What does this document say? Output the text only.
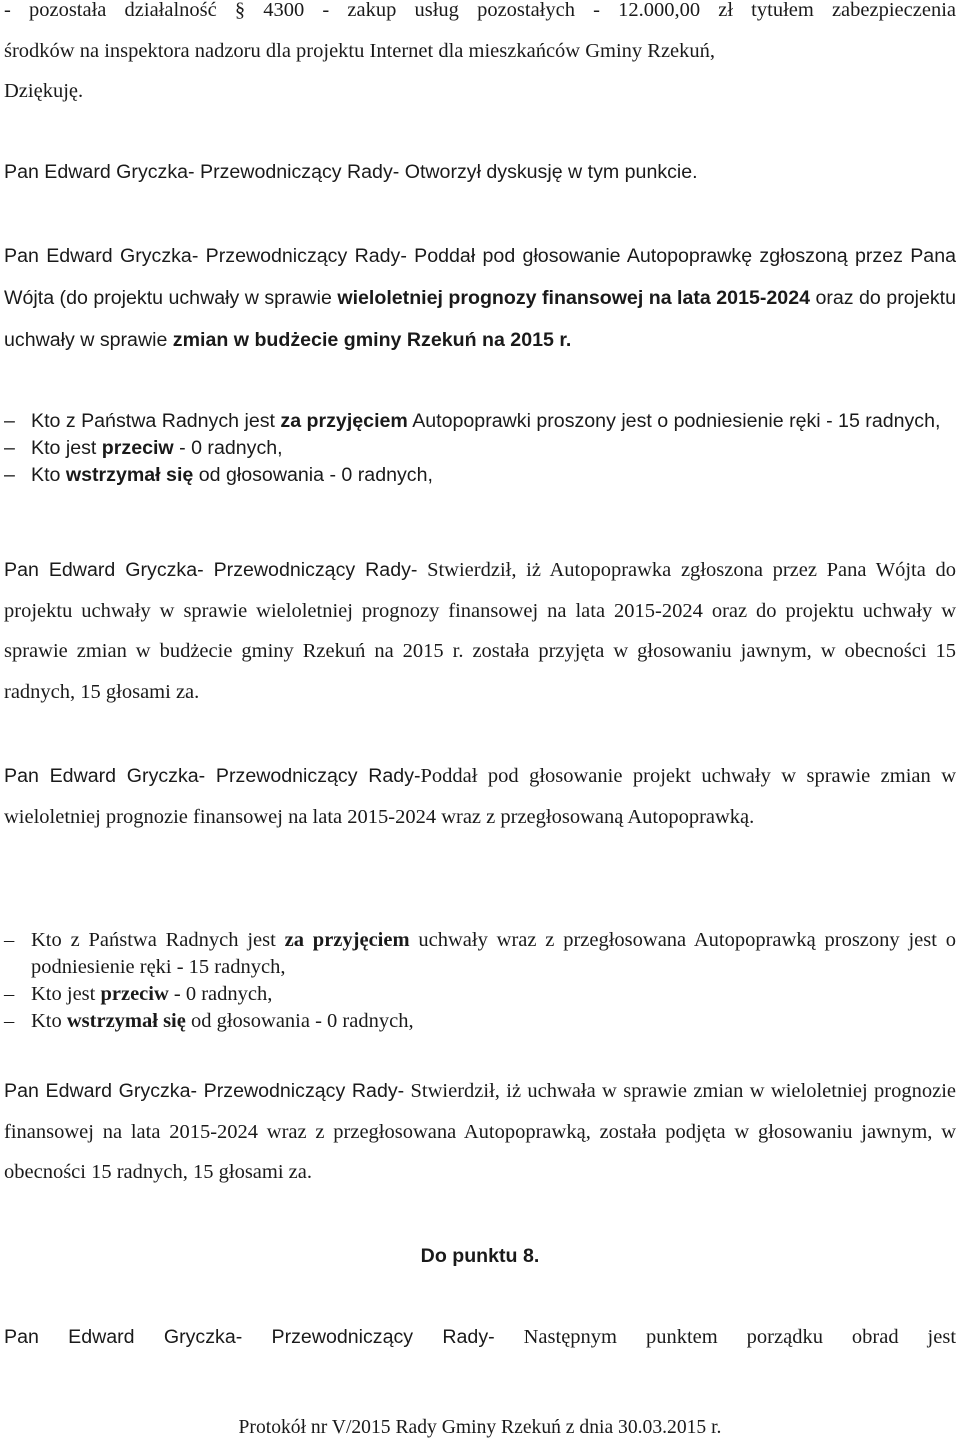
- pozostała działalność § 4300 - zakup usług pozostałych - 12.000,00 zł tytułem zabezpieczenia
środków na inspektora nadzoru dla projektu Internet dla mieszkańców Gminy Rzekuń,
Dziękuję.

Pan Edward Gryczka- Przewodniczący Rady- Otworzył dyskusję w tym punkcie.

Pan Edward Gryczka- Przewodniczący Rady- Poddał pod głosowanie Autopoprawkę zgłoszoną przez Pana Wójta (do projektu uchwały w sprawie wieloletniej prognozy finansowej na lata 2015-2024 oraz do projektu uchwały w sprawie zmian w budżecie gminy Rzekuń na 2015 r.

– Kto z Państwa Radnych jest za przyjęciem Autopoprawki proszony jest o podniesienie ręki - 15 radnych,
– Kto jest przeciw - 0 radnych,
– Kto wstrzymał się od głosowania - 0 radnych,

Pan Edward Gryczka- Przewodniczący Rady- Stwierdził, iż Autopoprawka zgłoszona przez Pana Wójta do projektu uchwały w sprawie wieloletniej prognozy finansowej na lata 2015-2024 oraz do projektu uchwały w sprawie zmian w budżecie gminy Rzekuń na 2015 r. została przyjęta w głosowaniu jawnym, w obecności 15 radnych, 15 głosami za.

Pan Edward Gryczka- Przewodniczący Rady-Poddał pod głosowanie projekt uchwały w sprawie zmian w wieloletniej prognozie finansowej na lata 2015-2024 wraz z przegłosowaną Autopoprawką.

– Kto z Państwa Radnych jest za przyjęciem uchwały wraz z przegłosowana Autopoprawką proszony jest o podniesienie ręki - 15 radnych,
– Kto jest przeciw - 0 radnych,
– Kto wstrzymał się od głosowania - 0 radnych,

Pan Edward Gryczka- Przewodniczący Rady- Stwierdził, iż uchwała w sprawie zmian w wieloletniej prognozie finansowej na lata 2015-2024 wraz z przegłosowana Autopoprawką, została podjęta w głosowaniu jawnym, w obecności 15 radnych, 15 głosami za.

Do punktu 8.

Pan Edward Gryczka- Przewodniczący Rady- Następnym punktem porządku obrad jest

Protokół nr V/2015 Rady Gminy Rzekuń z dnia 30.03.2015 r.
